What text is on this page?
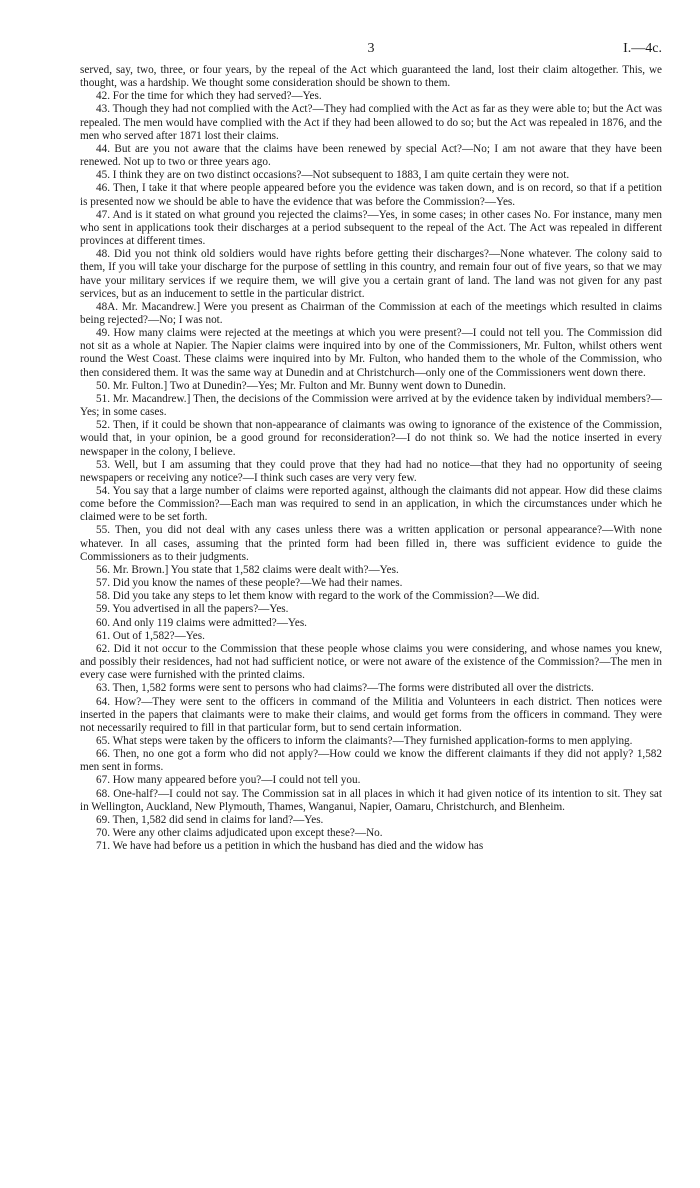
3	I.—4c.

served, say, two, three, or four years, by the repeal of the Act which guaranteed the land, lost their claim altogether. This, we thought, was a hardship. We thought some consideration should be shown to them.

42. For the time for which they had served?—Yes.

43. Though they had not complied with the Act?—They had complied with the Act as far as they were able to; but the Act was repealed. The men would have complied with the Act if they had been allowed to do so; but the Act was repealed in 1876, and the men who served after 1871 lost their claims.

44. But are you not aware that the claims have been renewed by special Act?—No; I am not aware that they have been renewed. Not up to two or three years ago.

45. I think they are on two distinct occasions?—Not subsequent to 1883, I am quite certain they were not.

46. Then, I take it that where people appeared before you the evidence was taken down, and is on record, so that if a petition is presented now we should be able to have the evidence that was before the Commission?—Yes.

47. And is it stated on what ground you rejected the claims?—Yes, in some cases; in other cases No. For instance, many men who sent in applications took their discharges at a period subsequent to the repeal of the Act. The Act was repealed in different provinces at different times.

48. Did you not think old soldiers would have rights before getting their discharges?—None whatever. The colony said to them, If you will take your discharge for the purpose of settling in this country, and remain four out of five years, so that we may have your military services if we require them, we will give you a certain grant of land. The land was not given for any past services, but as an inducement to settle in the particular district.

48A. Mr. Macandrew.] Were you present as Chairman of the Commission at each of the meetings which resulted in claims being rejected?—No; I was not.

49. How many claims were rejected at the meetings at which you were present?—I could not tell you. The Commission did not sit as a whole at Napier. The Napier claims were inquired into by one of the Commissioners, Mr. Fulton, whilst others went round the West Coast. These claims were inquired into by Mr. Fulton, who handed them to the whole of the Commission, who then considered them. It was the same way at Dunedin and at Christchurch—only one of the Commissioners went down there.

50. Mr. Fulton.] Two at Dunedin?—Yes; Mr. Fulton and Mr. Bunny went down to Dunedin.

51. Mr. Macandrew.] Then, the decisions of the Commission were arrived at by the evidence taken by individual members?—Yes; in some cases.

52. Then, if it could be shown that non-appearance of claimants was owing to ignorance of the existence of the Commission, would that, in your opinion, be a good ground for reconsideration?—I do not think so. We had the notice inserted in every newspaper in the colony, I believe.

53. Well, but I am assuming that they could prove that they had had no notice—that they had no opportunity of seeing newspapers or receiving any notice?—I think such cases are very very few.

54. You say that a large number of claims were reported against, although the claimants did not appear. How did these claims come before the Commission?—Each man was required to send in an application, in which the circumstances under which he claimed were to be set forth.

55. Then, you did not deal with any cases unless there was a written application or personal appearance?—With none whatever. In all cases, assuming that the printed form had been filled in, there was sufficient evidence to guide the Commissioners as to their judgments.

56. Mr. Brown.] You state that 1,582 claims were dealt with?—Yes.

57. Did you know the names of these people?—We had their names.

58. Did you take any steps to let them know with regard to the work of the Commission?—We did.

59. You advertised in all the papers?—Yes.

60. And only 119 claims were admitted?—Yes.

61. Out of 1,582?—Yes.

62. Did it not occur to the Commission that these people whose claims you were considering, and whose names you knew, and possibly their residences, had not had sufficient notice, or were not aware of the existence of the Commission?—The men in every case were furnished with the printed claims.

63. Then, 1,582 forms were sent to persons who had claims?—The forms were distributed all over the districts.

64. How?—They were sent to the officers in command of the Militia and Volunteers in each district. Then notices were inserted in the papers that claimants were to make their claims, and would get forms from the officers in command. They were not necessarily required to fill in that particular form, but to send certain information.

65. What steps were taken by the officers to inform the claimants?—They furnished application-forms to men applying.

66. Then, no one got a form who did not apply?—How could we know the different claimants if they did not apply? 1,582 men sent in forms.

67. How many appeared before you?—I could not tell you.

68. One-half?—I could not say. The Commission sat in all places in which it had given notice of its intention to sit. They sat in Wellington, Auckland, New Plymouth, Thames, Wanganui, Napier, Oamaru, Christchurch, and Blenheim.

69. Then, 1,582 did send in claims for land?—Yes.

70. Were any other claims adjudicated upon except these?—No.

71. We have had before us a petition in which the husband has died and the widow has
